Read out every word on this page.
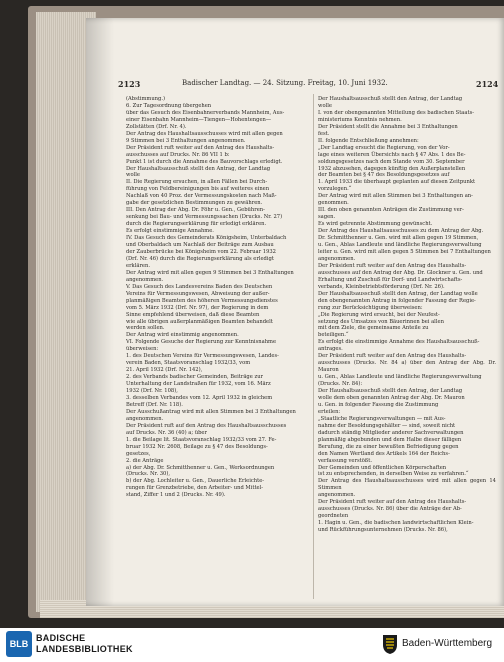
2123	Badischer Landtag. — 24. Sitzung. Freitag, 10. Juni 1932.	2124

(Abstimmung.)

6. Zur Tagesordnung übergehen

über das Gesuch des Eisenbahnerverbands Mannheim, Aus-

einer Eisenbahn Mannheim—Tiengen—Hohentengen—

Zollstätten (Drf. Nr. 4).

Der Antrag des Haushaltsausschusses wird mit allen gegen

9 Stimmen bei 3 Enthaltungen angenommen.

Der Präsident ruft weiter auf den Antrag des Haushalts-

ausschusses auf Drucks. Nr. 86 VII 1 b:

Punkt 1 ist durch die Annahme des Bauvorschlags erledigt.

Der Haushaltsausschuß stellt den Antrag, der Landtag

wolle

II. Die Regierung ersuchen, in allen Fällen bei Durch-

führung von Feldbereinigungen bis auf weiteres einen

Nachlaß von 40 Proz. der Vermessungskosten nach Maß-

gabe der gesetzlichen Bestimmungen zu gewähren.

III. Den Antrag der Abg. Dr. Föhr u. Gen., Gebühren-

senkung bei Bau- und Vermessungssachen (Drucks. Nr. 27)

durch die Regierungserklärung für erledigt erklären.

Es erfolgt einstimmige Annahme.

IV. Das Gesuch des Gemeinderats Königsheim, Unterbaldach

und Oberbaldach um Nachlaß der Beiträge zum Ausbau

der Zauberbrücke bei Königsheim vom 22. Februar 1932

(Drf. Nr. 46) durch die Regierungserklärung als erledigt

erklären.

Der Antrag wird mit allen gegen 9 Stimmen bei 3 Enthaltungen

angenommen.

V. Das Gesuch des Landesvereins Baden des Deutschen

Vereins für Vermessungswesen, Abweisung der außer-

planmäßigen Beamten des höheren Vermessungsdienstes

vom 5. März 1932 (Drf. Nr. 97), der Regierung in dem

Sinne empfehlend überweisen, daß diese Beamten

wie alle übrigen außerplanmäßigen Beamten behandelt

werden sollen.

Der Antrag wird einstimmig angenommen.

VI. Folgende Gesuche der Regierung zur Kenntnisnahme

überweisen:

1. des Deutschen Vereins für Vermessungswesen, Landes-

verein Baden, Staatsvoranschlag 1932/33, vom

21. April 1932 (Drf. Nr. 142),

2. des Verbands badischer Gemeinden, Beiträge zur

Unterhaltung der Landstraßen für 1932, vom 16. März

1932 (Drf. Nr. 108),

3. desselben Verbandes vom 12. April 1932 in gleichem

Betreff (Drf. Nr. 118).

Der Ausschußantrag wird mit allen Stimmen bei 3 Enthaltungen

angenommen.

Der Präsident ruft auf den Antrag des Haushaltsausschusses

auf Drucks. Nr. 36 (40) a; über

1. die Beilage lit. Staatsvoranschlag 1932/33 vom 27. Fe-

bruar 1932 Nr. 2608, Beilage zu § 47 des Besoldungs-

gesetzes,

2. die Anträge

a) der Abg. Dr. Schmitthenner u. Gen., Werksordnungen

(Drucks. Nr. 30),

b) der Abg. Lochleiter u. Gen., Dauerliche Erleichte-

rungen für Grenzbetriebe, den Arbeiter- und Mittel-

stand, Ziffer 1 und 2 (Drucks. Nr. 49).

Der Haushaltsausschuß stellt den Antrag, der Landtag

wolle

I. von der obengenannten Mitteilung des badischen Staats-

ministeriums Kenntnis nehmen.

Der Präsident stellt die Annahme bei 3 Enthaltungen

fest.

II. folgende Entschließung annehmen:

„Der Landtag ersucht die Regierung, von der Vor-

lage eines weiteren Übersichts nach § 47 Abs. 1 des Be-

soldungsgesetzes nach dem Stande vom 30. September

1932 abzusehen, dagegen künftig den Außerplanstellen

der Beamten bei § 47 des Besoldungsgesetzes auf

1. April 1933 die überhaupt geplanten auf diesen Zeitpunkt

vorzulegen.“

Der Antrag wird mit allen Stimmen bei 3 Enthaltungen an-

genommen.

III. den oben genannten Anträgen die Zustimmung ver-

sagen.

Es wird getrennte Abstimmung gewünscht.

Der Antrag des Haushaltsausschusses zu dem Antrag der Abg.

Dr. Schmitthenner u. Gen. wird mit allen gegen 19 Stimmen,

u. Gen., Ablas Landleute und ländliche Regierungsverwaltung

leiter u. Gen. wird mit allen gegen 5 Stimmen bei 7 Enthaltungen

angenommen.

Der Präsident ruft weiter auf den Antrag des Haushalts-

ausschusses auf den Antrag der Abg. Dr. Glockner u. Gen. und

Erhaltung und Zuschuß für Dorf- und Landwirtschafts-

verbands, Kleinbetriebtsförderung (Drf. Nr. 26).

Der Haushaltsausschuß stellt den Antrag, der Landtag wolle

den obengenannten Antrag in folgender Fassung der Regie-

rung zur Berücksichtigung überweisen:

„Die Regierung wird ersucht, bei der Neufest-

setzung des Umsatzes von Bäuerinnen bei allen

mit dem Ziele, die gemeinsame Anteile zu

beteiligen.“

Es erfolgt die einstimmige Annahme des Haushaltsausschuß-

antrages.

Der Präsident ruft weiter auf den Antrag des Haushalts-

ausschusses (Drucks. Nr. 84 a) über den Antrag der Abg. Dr. Mauron

u. Gen., Ablas Landleute und ländliche Regierungsverwaltung

(Drucks. Nr. 84):

Der Haushaltsausschuß stellt den Antrag, der Landtag

wolle dem oben genannten Antrag der Abg. Dr. Mauron

u. Gen. in folgender Fassung die Zustimmung

erteilen:

„Staatliche Regierungsverwaltungen — mit Aus-

nahme der Besoldungsgehälter — sind, soweit nicht

dadurch ständig Mitglieder anderer Sachverwaltungen

planmäßig abgebunden und dem Halbe dieser fälligen

Berufung, die zu einer bewußten Befriedigung gegen

den Namen Wertland des Artikels 164 der Reichs-

verfassung verstößt.

Der Gemeinden und öffentlichen Körperschaften

ist zu entsprechenden, in derselben Weise zu verfahren.“

Der Antrag des Haushaltsausschusses wird mit allen gegen 14 Stimmen

angenommen.

Der Präsident ruft weiter auf den Antrag des Haushalts-

ausschusses (Drucks. Nr. 86) über die Anträge der Ab-

geordneten

1. Hagin u. Gen., die badischen landwirtschaftlichen Klein-

und Rückführungsunternehmen (Drucks. Nr. 86),

BLB
BADISCHE
LANDESBIBLIOTHEK	Baden-Württemberg
